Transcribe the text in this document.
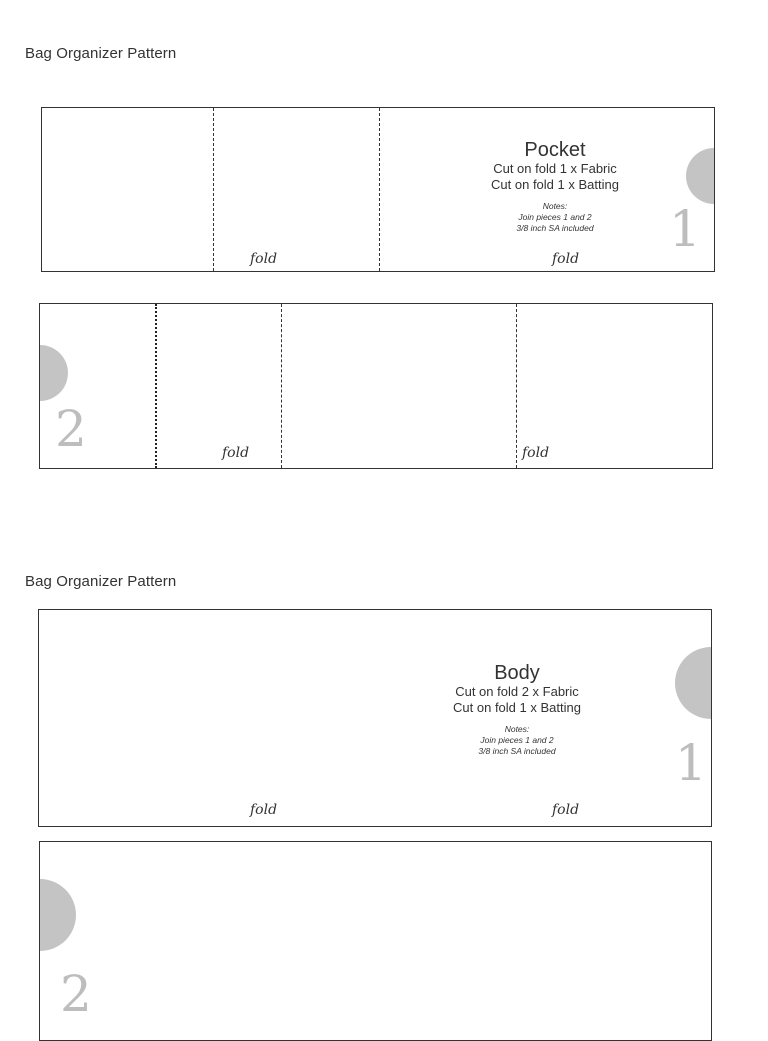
Bag Organizer Pattern
Pocket
Cut on fold 1 x Fabric
Cut on fold 1 x Batting
Notes:
Join pieces 1 and 2
3/8 inch SA included	1
fold	fold
2	fold	fold
Bag Organizer Pattern
Body
Cut on fold 2 x Fabric
Cut on fold 1 x Batting
Notes:
Join pieces 1 and 2
3/8 inch SA included	1
fold	fold
2
